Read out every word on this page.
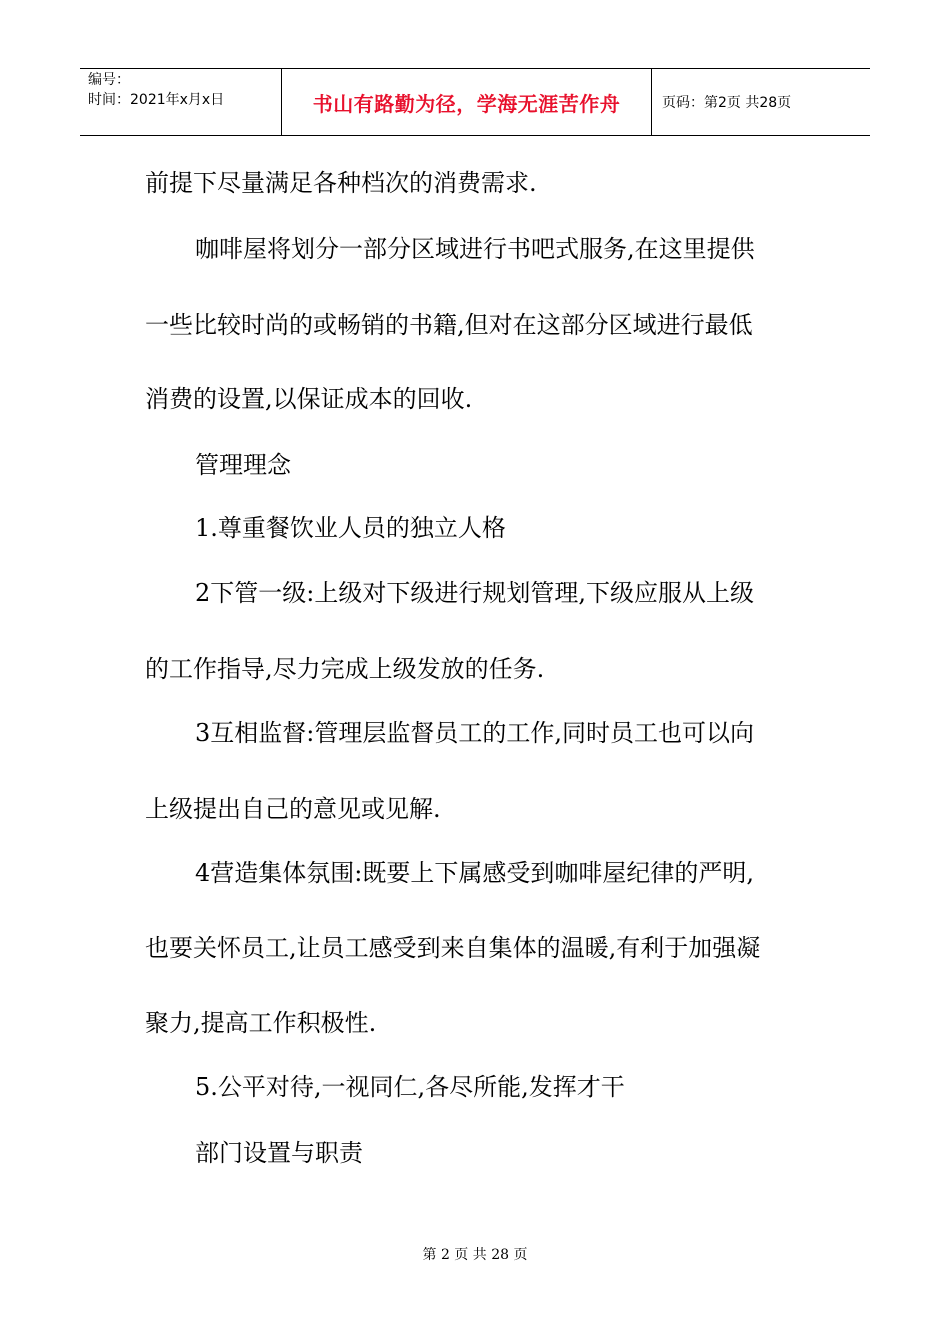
编号：
时间：2021年x月x日	书山有路勤为径，学海无涯苦作舟	页码：第2页 共28页
前提下尽量满足各种档次的消费需求.
咖啡屋将划分一部分区域进行书吧式服务,在这里提供
一些比较时尚的或畅销的书籍,但对在这部分区域进行最低
消费的设置,以保证成本的回收.
管理理念
1.尊重餐饮业人员的独立人格
2下管一级:上级对下级进行规划管理,下级应服从上级
的工作指导,尽力完成上级发放的任务.
3互相监督:管理层监督员工的工作,同时员工也可以向
上级提出自己的意见或见解.
4营造集体氛围:既要上下属感受到咖啡屋纪律的严明,
也要关怀员工,让员工感受到来自集体的温暖,有利于加强凝
聚力,提高工作积极性.
5.公平对待,一视同仁,各尽所能,发挥才干
部门设置与职责
第 2 页 共 28 页
